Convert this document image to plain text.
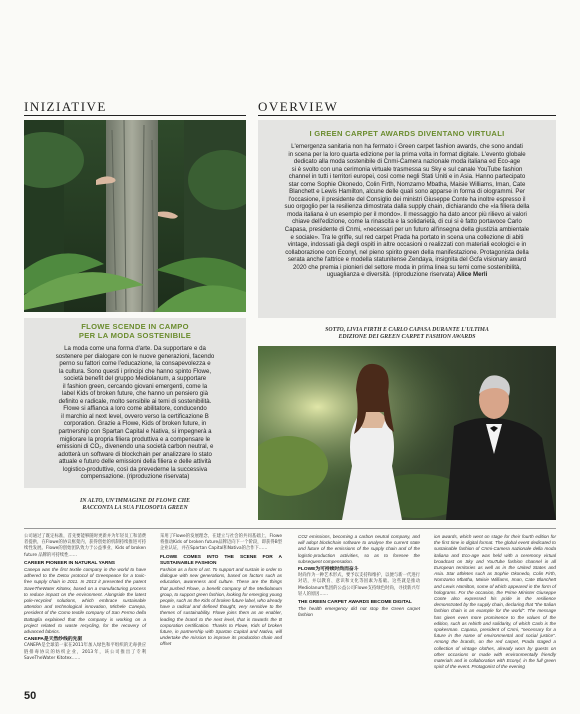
INIZIATIVE	OVERVIEW
FLOWE SCENDE IN CAMPO
PER LA MODA SOSTENIBILE
La moda come una forma d'arte. Da supportare e da
sostenere per dialogare con le nuove generazioni, facendo
perno su fattori come l'educazione, la consapevolezza e
la cultura. Sono questi i principi che hanno spinto Flowe,
società benefit del gruppo Mediolanum, a supportare
il fashion green, cercando giovani emergenti, come la
label Kids of broken future, che hanno un pensiero già
definito e radicale, molto sensibile ai temi di sostenibilità.
Flowe si affianca a loro come abilitatore, conducendo
il marchio al next level, ovvero verso la certificazione B
corporation. Grazie a Flowe, Kids of broken future, in
partnership con Spartan Capital e Nativa, si impegnerà a
migliorare la propria filiera produttiva e a compensare le
emissioni di CO₂, divenendo una società carbon neutral, e
adotterà un software di blockchain per analizzare lo stato
attuale e futuro delle emissioni della filiera e delle attività
logistico-produttive, così da prevederne la successiva
compensazione. (riproduzione riservata)
IN ALTO, UN'IMMAGINE DI FLOWE CHE
RACCONTA LA SUA FILOSOFIA GREEN
I GREEN CARPET AWARDS DIVENTANO VIRTUALI
L'emergenza sanitaria non ha fermato i Green carpet fashion awards, che sono andati
in scena per la loro quarta edizione per la prima volta in format digitale. L'evento globale
dedicato alla moda sostenibile di Cnmi-Camera nazionale moda italiana ed Eco-age
si è svolto con una cerimonia virtuale trasmessa su Sky e sul canale YouTube fashion
channel in tutti i territori europei, così come negli Stati Uniti e in Asia. Hanno partecipato
star come Sophie Okonedo, Colin Firth, Nomzamo Mbatha, Maisie Williams, Iman, Cate
Blanchett e Lewis Hamilton, alcune delle quali sono apparse in forma di ologrammi. Per
l'occasione, il presidente del Consiglio dei ministri Giuseppe Conte ha inoltre espresso il
suo orgoglio per la resilienza dimostrata dalla supply chain, dichiarando che «la filiera della
moda italiana è un esempio per il mondo». Il messaggio ha dato ancor più rilievo ai valori
chiave dell'edizione, come la rinascita e la solidarietà, di cui si è fatto portavoce Carlo
Capasa, presidente di Cnmi, «necessari per un futuro all'insegna della giustizia ambientale
e sociale». Tra le griffe, sul red carpet Prada ha portato in scena una collezione di abiti
vintage, indossati già degli ospiti in altre occasioni o realizzati con materiali ecologici e in
collaborazione con Econyl, nel pieno spirito green della manifestazione. Protagonista della
serata anche l'attrice e modella statunitense Zendaya, insignita del Gcfa visionary award
2020 che premia i pionieri del settore moda in prima linea su temi come sostenibilità,
uguaglianza e diversità. (riproduzione riservata) Alice Merli
SOTTO, LIVIA FIRTH E CARLO CAPASA DURANTE L'ULTIMA
EDIZIONE DEI GREEN CARPET FASHION AWARDS
公司通过了既定标准，首先要能够随时更新并为年轻员工和消费者提供，在Flowe的协议框架内，获得创始的机制持续推进可持续性发展。Flowe的创始团队致力于公益事业、Kids of broken future 品牌的可持续性……
CAREER PIONEER IN NATURAL YARNS
Canepa was the first textile company in the world to have adhered to the Detox protocol of Greenpeace for a toxic-free supply chain in 2011. In 2013 it presented the patent SaveTheWater Kitotex, based on a manufacturing process to reduce impact on the environment. Alongside the latest pole-recycled solutions, which embrace sustainable attention and technological innovation, Michele Canepa, president of the Como textile company of San Fermo della Battaglia explained that the company is working on a project related to waste recycling, for the recovery of advanced fabrics.
CANEPA是天然纱线的先驱
CANEPA是全球第一家在2011年加入绿色和平组织的无毒供应链排毒协议的纺织企业，2013年，该公司推出了专利SaveTheWater Kitotex……
采用了Flowe的发展理念，在建立与社会的共同基础上，Flowe将推动Kids of broken future品牌迈向下一个阶段，即获得B型企业认证，并在Spartan Capital和Nativa的合作下……
FLOWE COMES INTO THE SCENE FOR A SUSTAINABLE FASHION
Fashion as a form of art. To support and sustain in order to dialogue with new generations, based on factors such as education, awareness and culture. These are the things that pushed Flowe, a benefit company of the Mediolanum group, to support green fashion, looking for emerging young people, such as the Kids of broken future label, who already have a radical and defined thought, very sensitive to the themes of sustainability. Flowe joins them as an enabler, leading the brand to the next level, that is towards the B corporation certification. Thanks to Flowe, Kids of broken future, in partnership with Spartan Capital and Nativa, will undertake the mission to improve its production chain and offset
CO2 emissions, becoming a carbon neutral company, and will adopt blockchain software to analyse the current state and future of the emissions of the supply chain and of the logistic-production activities, so as to foresee the subsequent compensation.
FLOWE为可持续时尚而奋斗
时尚作为一种艺术形式，要予以支持和维护，以便与新一代进行对话，并以教育、意识和文化等因素为基础。这些就是推动Mediolanum集团的公益公司Flowe支持绿色时尚，寻找新兴年轻人的原因……
THE GREEN CARPET AWARDS BECOME DIGITAL
The health emergency did not stop the Green carpet fashion
ion awards, which went on stage for their fourth edition for the first time in digital format. The global event dedicated to sustainable fashion of Cnmi-Camera nazionale della moda italiana and Eco-age was held with a ceremony virtual broadcast on Sky and YouTube fashion channel in all European territories as well as in the United States and Asia. Star athletes such as Sophie Okonedo, Colin Firth, Nomzamo Mbatha, Maisie Williams, Iman, Cate Blanchett and Lewis Hamilton, some of which appeared in the form of holograms. For the occasion, the Prime Minister Giuseppe Conte also expressed his pride in the resilience demonstrated by the supply chain, declaring that "the Italian fashion chain is an example for the world". The message has given even more prominence to the values of the edition, such as rebirth and solidarity, of which Carlo is the spokesman. Capasa, president of Cnmi, "necessary for a future in the name of environmental and social justice". Among the brands, on the red carpet, Prada staged a collection of vintage clothes, already worn by guests on other occasions or made with environmentally friendly materials and in collaboration with Econyl, in the full green spirit of the event. Protagonist of the evening
50
